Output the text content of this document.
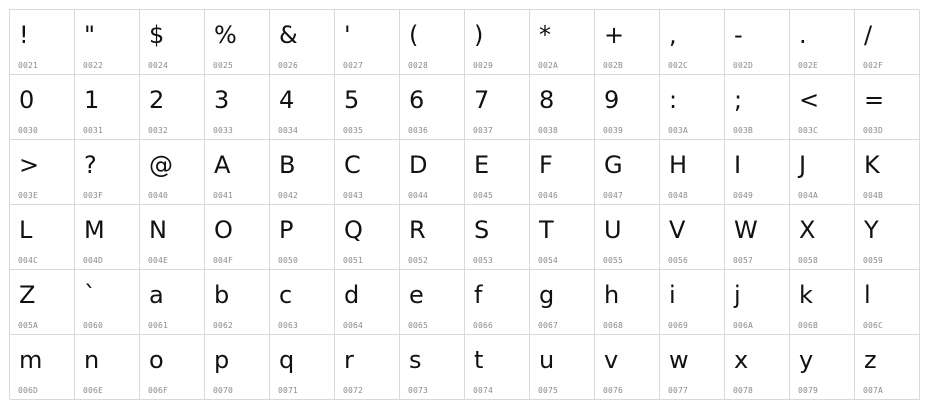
!
0021
"
0022
$
0024
%
0025
&
0026
'
0027
(
0028
)
0029
*
002A
+
002B
,
002C
-
002D
.
002E
/
002F
0
0030
1
0031
2
0032
3
0033
4
0034
5
0035
6
0036
7
0037
8
0038
9
0039
:
003A
;
003B
<
003C
=
003D
>
003E
?
003F
@
0040
A
0041
B
0042
C
0043
D
0044
E
0045
F
0046
G
0047
H
0048
I
0049
J
004A
K
004B
L
004C
M
004D
N
004E
O
004F
P
0050
Q
0051
R
0052
S
0053
T
0054
U
0055
V
0056
W
0057
X
0058
Y
0059
Z
005A
`
0060
a
0061
b
0062
c
0063
d
0064
e
0065
f
0066
g
0067
h
0068
i
0069
j
006A
k
006B
l
006C
m
006D
n
006E
o
006F
p
0070
q
0071
r
0072
s
0073
t
0074
u
0075
v
0076
w
0077
x
0078
y
0079
z
007A
